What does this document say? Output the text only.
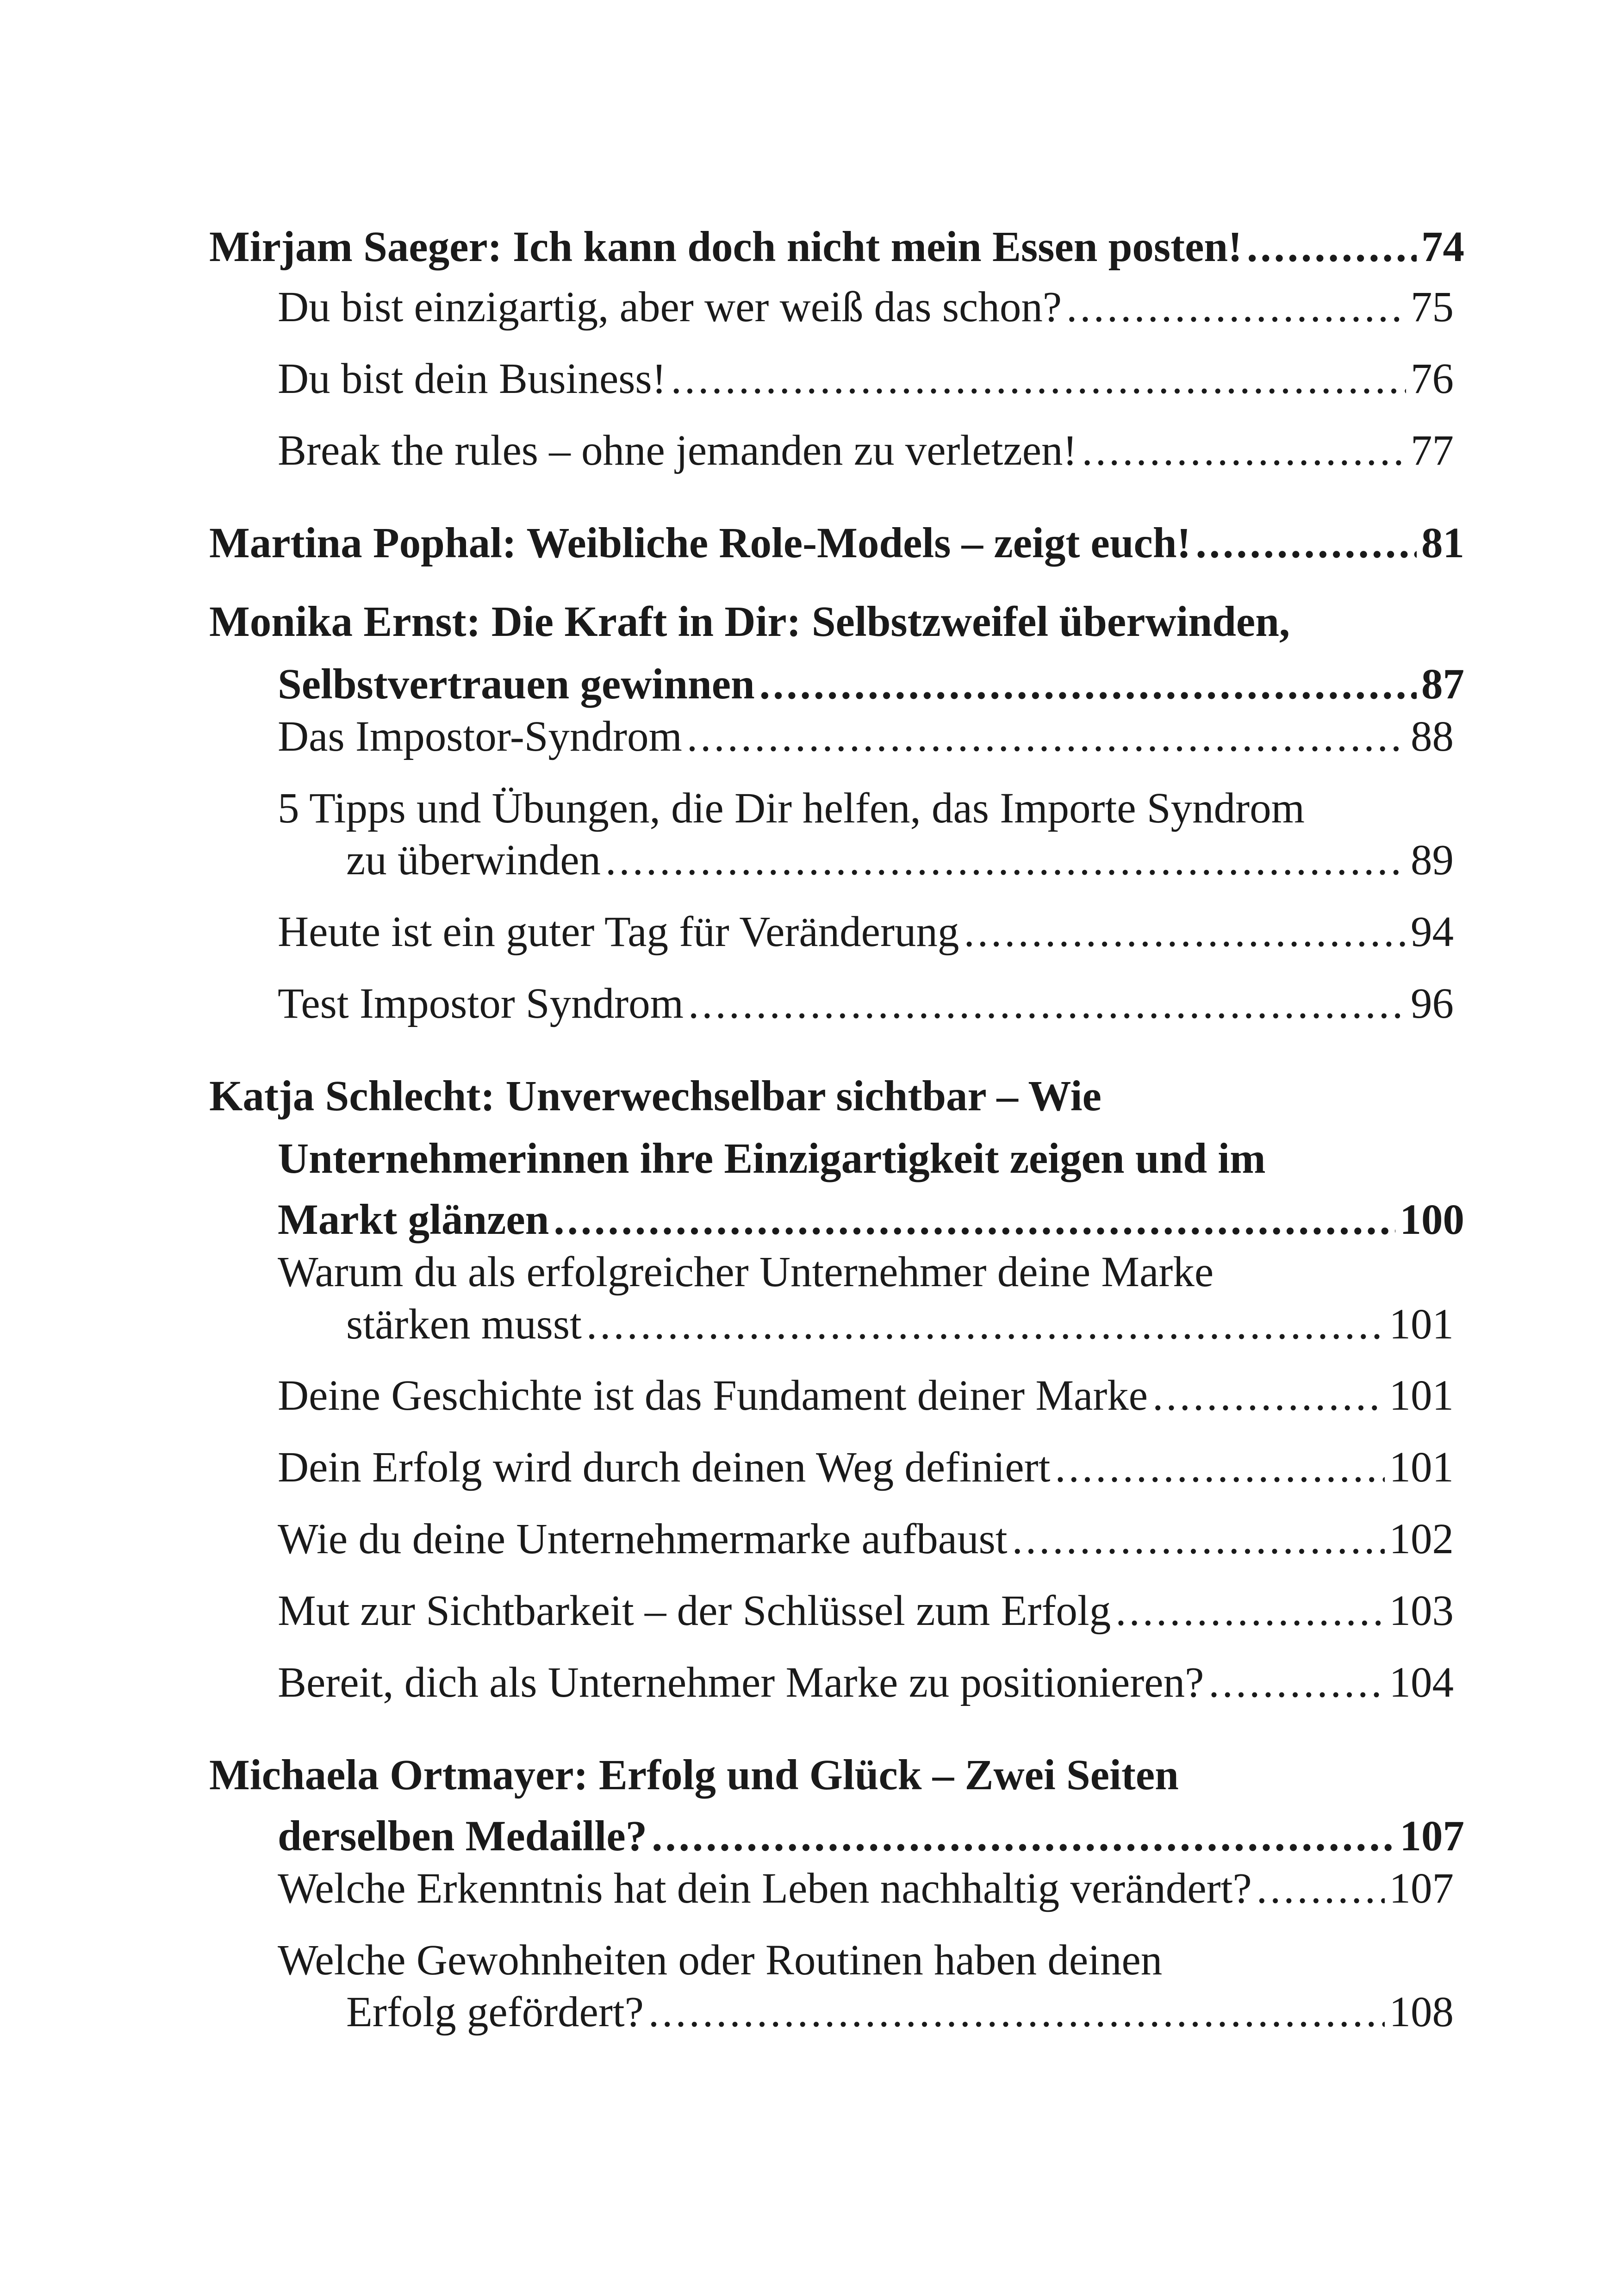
Mirjam Saeger: Ich kann doch nicht mein Essen posten! .....	74
Du bist einzigartig, aber wer weiß das schon? .....	75
Du bist dein Business! .....	76
Break the rules – ohne jemanden zu verletzen! .....	77
Martina Pophal: Weibliche Role-Models – zeigt euch! .....	81
Monika Ernst: Die Kraft in Dir: Selbstzweifel überwinden,
Selbstvertrauen gewinnen .....	87
Das Impostor-Syndrom .....	88
5 Tipps und Übungen, die Dir helfen, das Importe Syndrom
zu überwinden .....	89
Heute ist ein guter Tag für Veränderung .....	94
Test Impostor Syndrom .....	96
Katja Schlecht: Unverwechselbar sichtbar – Wie
Unternehmerinnen ihre Einzigartigkeit zeigen und im
Markt glänzen .....	100
Warum du als erfolgreicher Unternehmer deine Marke
stärken musst .....	101
Deine Geschichte ist das Fundament deiner Marke .....	101
Dein Erfolg wird durch deinen Weg definiert .....	101
Wie du deine Unternehmermarke aufbaust .....	102
Mut zur Sichtbarkeit – der Schlüssel zum Erfolg .....	103
Bereit, dich als Unternehmer Marke zu positionieren? .....	104
Michaela Ortmayer: Erfolg und Glück – Zwei Seiten
derselben Medaille? .....	107
Welche Erkenntnis hat dein Leben nachhaltig verändert? .....	107
Welche Gewohnheiten oder Routinen haben deinen
Erfolg gefördert? .....	108
